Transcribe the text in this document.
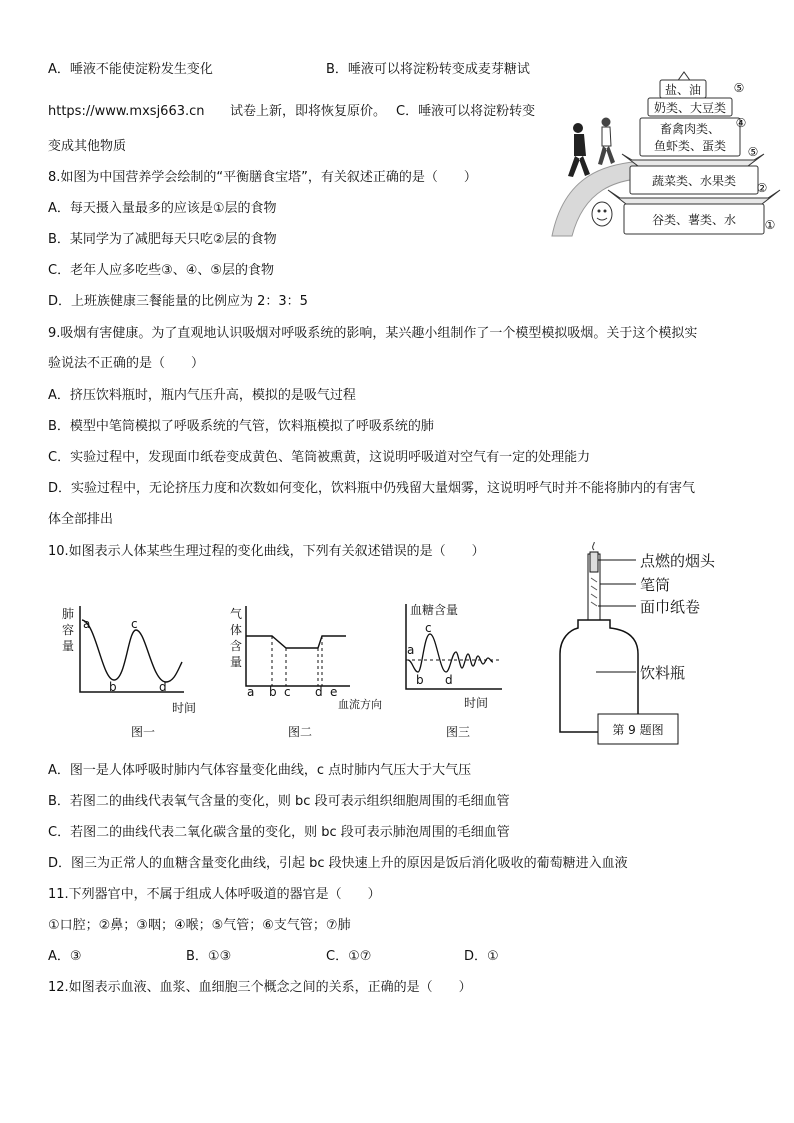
A．唾液不能使淀粉发生变化	B．唾液可以将淀粉转变成麦芽糖试
https://www.mxsj663.cn 试卷上新，即将恢复原价。 C．唾液可以将淀粉转变
变成其他物质
盐、油
奶类、大豆类
畜禽肉类、
鱼虾类、蛋类
蔬菜类、水果类
谷类、薯类、水
⑤
④
⑤
②
①
8.如图为中国营养学会绘制的“平衡膳食宝塔”，有关叙述正确的是（　　）
A．每天摄入量最多的应该是①层的食物
B．某同学为了减肥每天只吃②层的食物
C．老年人应多吃些③、④、⑤层的食物
D．上班族健康三餐能量的比例应为 2：3：5
9.吸烟有害健康。为了直观地认识吸烟对呼吸系统的影响，某兴趣小组制作了一个模型模拟吸烟。关于这个模拟实
验说法不正确的是（　　）
A．挤压饮料瓶时，瓶内气压升高，模拟的是吸气过程
B．模型中笔筒模拟了呼吸系统的气管，饮料瓶模拟了呼吸系统的肺
C．实验过程中，发现面巾纸卷变成黄色、笔筒被熏黄，这说明呼吸道对空气有一定的处理能力
D．实验过程中，无论挤压力度和次数如何变化，饮料瓶中仍残留大量烟雾，这说明呼气时并不能将肺内的有害气
体全部排出
10.如图表示人体某些生理过程的变化曲线，下列有关叙述错误的是（　　）
肺
容
量
a
b
c
d
时间
图一
气
体
含
量
a b c d e
血流方向
图二
血糖含量
a
b
c
d
时间
图三
点燃的烟头
笔筒
面巾纸卷
饮料瓶
第 9 题图
A．图一是人体呼吸时肺内气体容量变化曲线，c 点时肺内气压大于大气压
B．若图二的曲线代表氧气含量的变化，则 bc 段可表示组织细胞周围的毛细血管
C．若图二的曲线代表二氧化碳含量的变化，则 bc 段可表示肺泡周围的毛细血管
D．图三为正常人的血糖含量变化曲线，引起 bc 段快速上升的原因是饭后消化吸收的葡萄糖进入血液
11.下列器官中，不属于组成人体呼吸道的器官是（　　）
①口腔；②鼻；③咽；④喉；⑤气管；⑥支气管；⑦肺
A．③	B．①③	C．①⑦	D．①
12.如图表示血液、血浆、血细胞三个概念之间的关系，正确的是（　　）
